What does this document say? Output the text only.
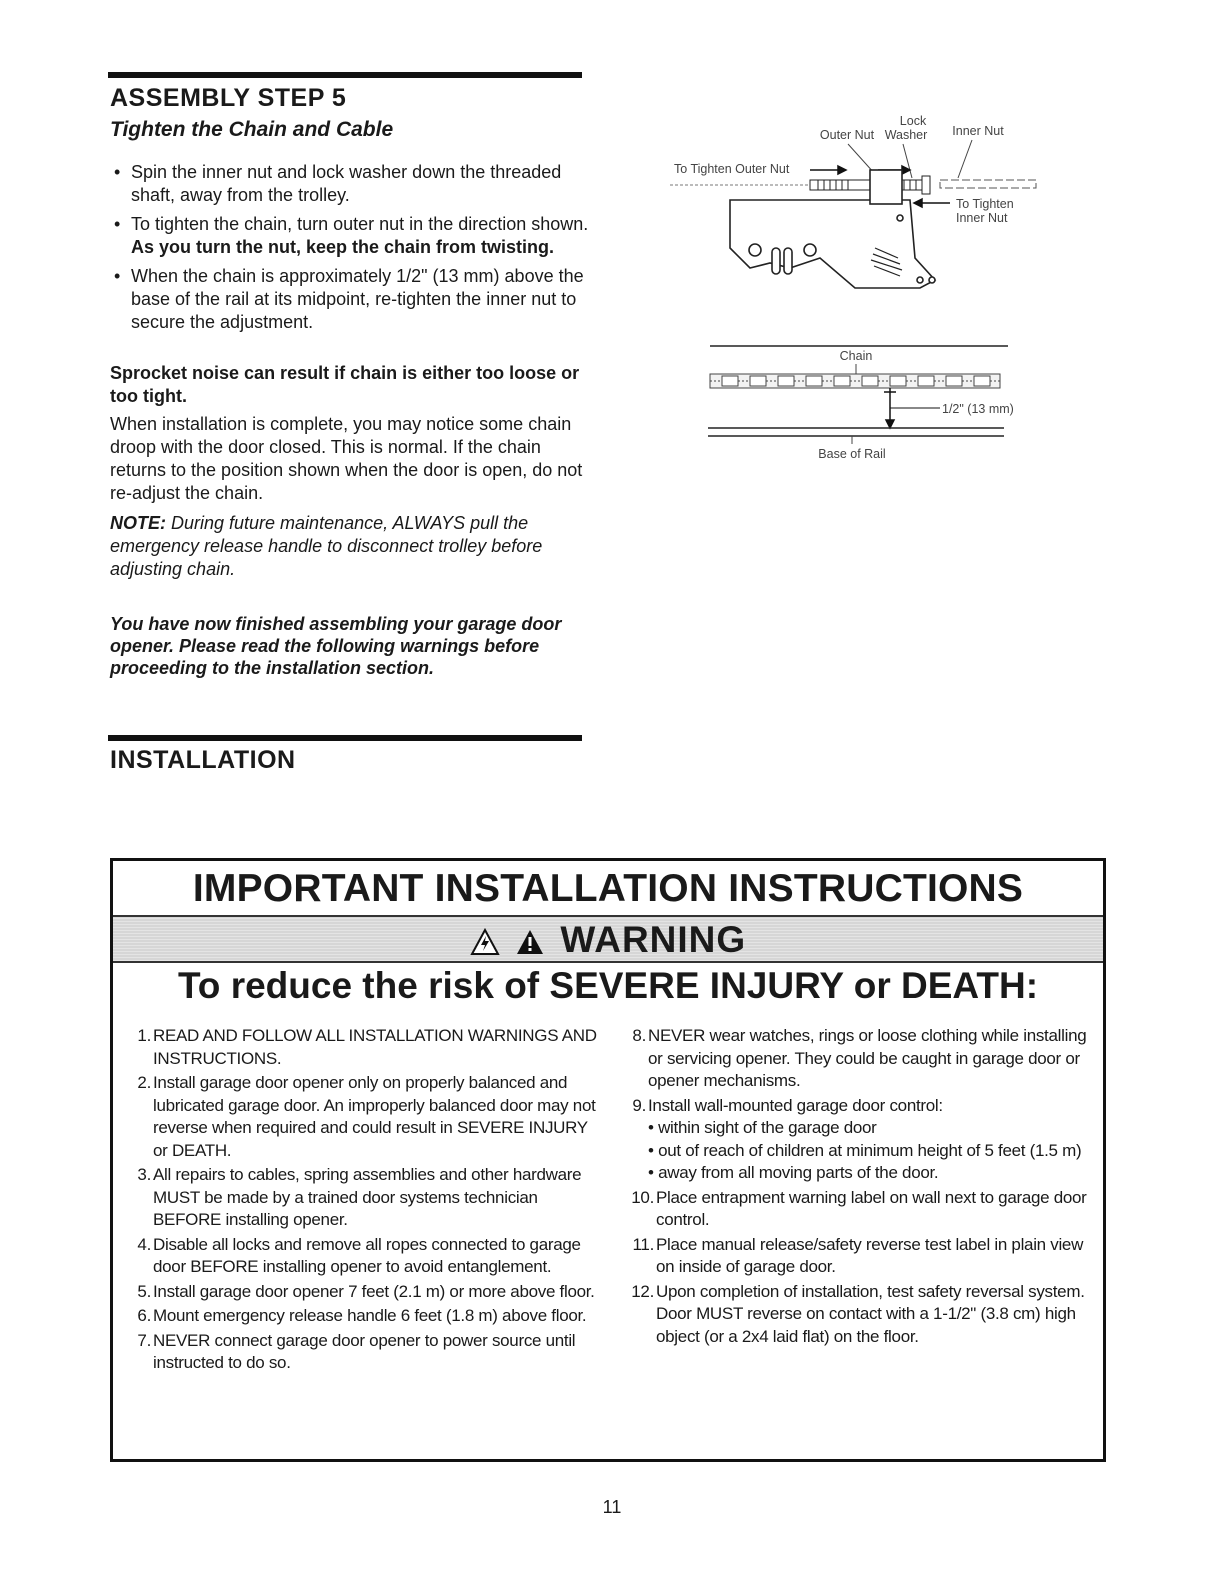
ASSEMBLY STEP 5
Tighten the Chain and Cable
• Spin the inner nut and lock washer down the threaded shaft, away from the trolley.
• To tighten the chain, turn outer nut in the direction shown. As you turn the nut, keep the chain from twisting.
• When the chain is approximately 1/2" (13 mm) above the base of the rail at its midpoint, re-tighten the inner nut to secure the adjustment.

Sprocket noise can result if chain is either too loose or too tight.

When installation is complete, you may notice some chain droop with the door closed. This is normal. If the chain returns to the position shown when the door is open, do not re-adjust the chain.

NOTE: During future maintenance, ALWAYS pull the emergency release handle to disconnect trolley before adjusting chain.

You have now finished assembling your garage door opener. Please read the following warnings before proceeding to the installation section.

Lock
Outer Nut Washer Inner Nut
To Tighten Outer Nut
To Tighten
Inner Nut
Chain
1/2" (13 mm)
Base of Rail
INSTALLATION
IMPORTANT INSTALLATION INSTRUCTIONS
WARNING
To reduce the risk of SEVERE INJURY or DEATH:
1 . READ AND FOLLOW ALL INSTALLATION WARNINGS AND INSTRUCTIONS.
2 . Install garage door opener only on properly balanced and lubricated garage door. An improperly balanced door may not reverse when required and could result in SEVERE INJURY or DEATH.
3 . All repairs to cables, spring assemblies and other hardware MUST be made by a trained door systems technician BEFORE installing opener.
4 . Disable all locks and remove all ropes connected to garage door BEFORE installing opener to avoid entanglement.
5 . Install garage door opener 7 feet (2.1 m) or more above floor.
6 . Mount emergency release handle 6 feet (1.8 m) above floor.
7 . NEVER connect garage door opener to power source until instructed to do so.
8 . NEVER wear watches, rings or loose clothing while installing or servicing opener. They could be caught in garage door or opener mechanisms.
9 . Install wall-mounted garage door control:
• within sight of the garage door
• out of reach of children at minimum height of 5 feet (1.5 m)
• away from all moving parts of the door.
10 . Place entrapment warning label on wall next to garage door control.
11 . Place manual release/safety reverse test label in plain view on inside of garage door.
12 . Upon completion of installation, test safety reversal system. Door MUST reverse on contact with a 1-1/2" (3.8 cm) high object (or a 2x4 laid flat) on the floor.
11
